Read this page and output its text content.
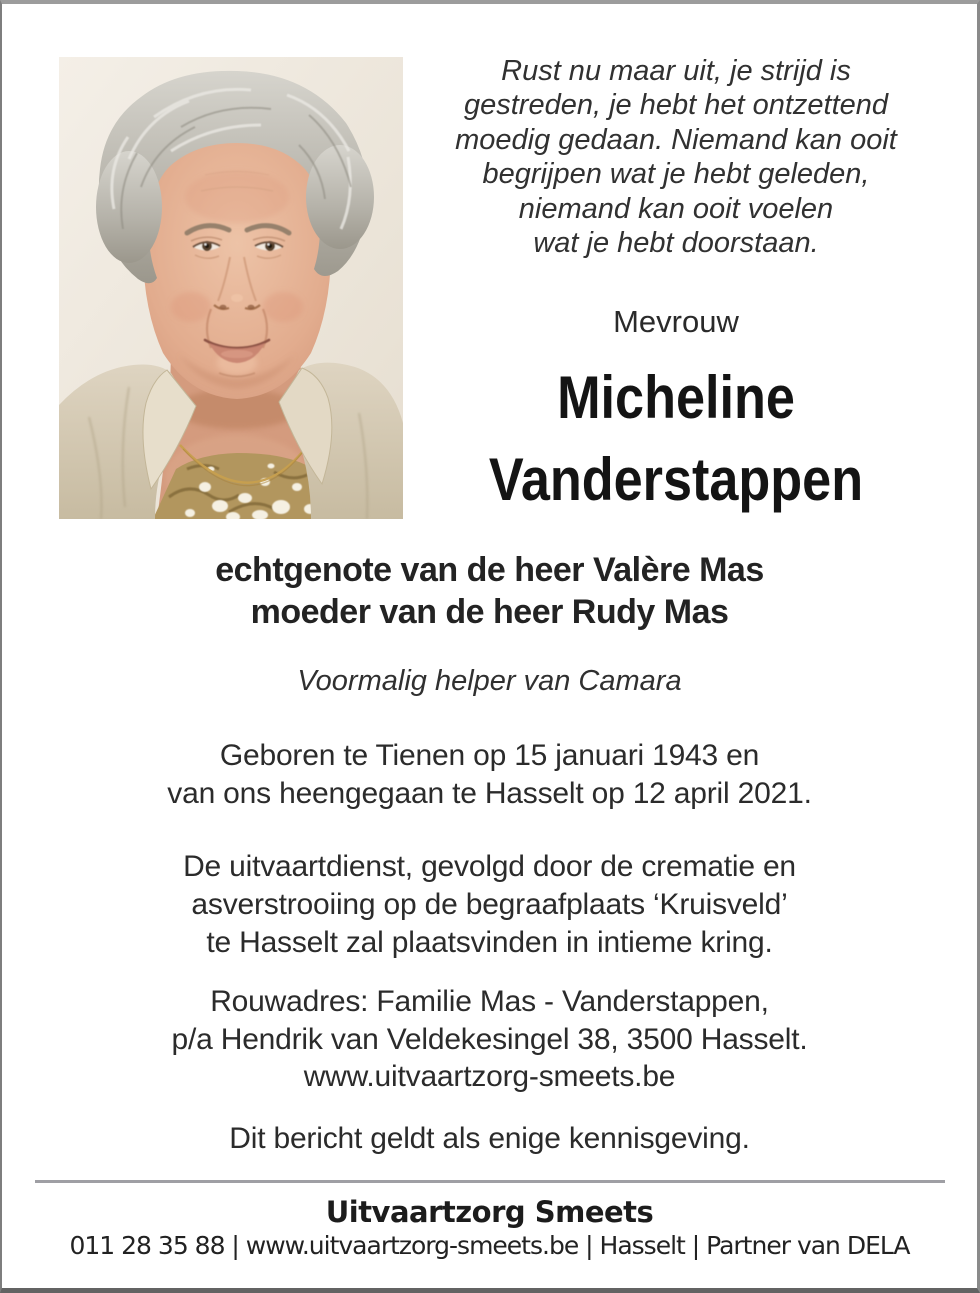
Rust nu maar uit, je strijd is
gestreden, je hebt het ontzettend
moedig gedaan. Niemand kan ooit
begrijpen wat je hebt geleden,
niemand kan ooit voelen
wat je hebt doorstaan.
Mevrouw
Micheline
Vanderstappen
echtgenote van de heer Valère Mas
moeder van de heer Rudy Mas
Voormalig helper van Camara
Geboren te Tienen op 15 januari 1943 en
van ons heengegaan te Hasselt op 12 april 2021.
De uitvaartdienst, gevolgd door de crematie en
asverstrooiing op de begraafplaats ‘Kruisveld’
te Hasselt zal plaatsvinden in intieme kring.
Rouwadres: Familie Mas - Vanderstappen,
p/a Hendrik van Veldekesingel 38, 3500 Hasselt.
www.uitvaartzorg-smeets.be
Dit bericht geldt als enige kennisgeving.
Uitvaartzorg Smeets
011 28 35 88 | www.uitvaartzorg-smeets.be | Hasselt | Partner van DELA
